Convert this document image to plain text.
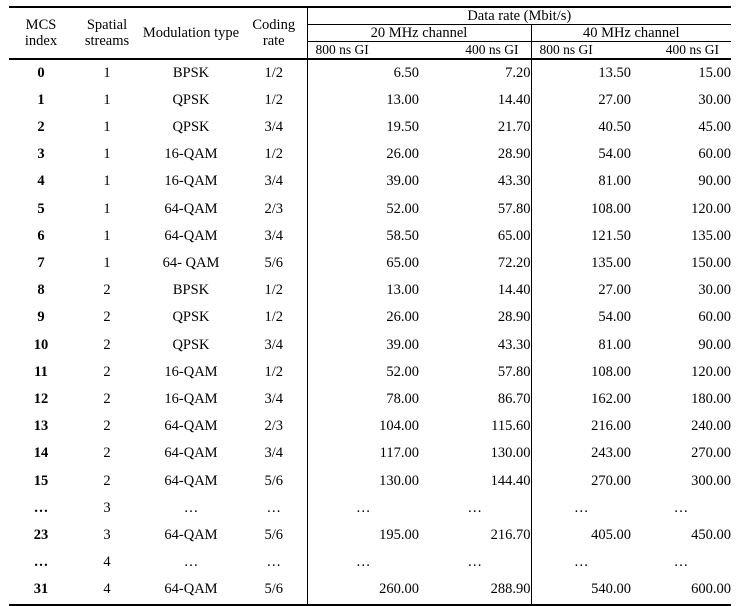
MCS index	Spatial streams	Modulation type	Coding rate	Data rate (Mbit/s)			
				20 MHz channel		40 MHz channel	
				800 ns GI	400 ns GI	800 ns GI	400 ns GI
0	1	BPSK	1/2	6.50	7.20	13.50	15.00
1	1	QPSK	1/2	13.00	14.40	27.00	30.00
2	1	QPSK	3/4	19.50	21.70	40.50	45.00
3	1	16-QAM	1/2	26.00	28.90	54.00	60.00
4	1	16-QAM	3/4	39.00	43.30	81.00	90.00
5	1	64-QAM	2/3	52.00	57.80	108.00	120.00
6	1	64-QAM	3/4	58.50	65.00	121.50	135.00
7	1	64- QAM	5/6	65.00	72.20	135.00	150.00
8	2	BPSK	1/2	13.00	14.40	27.00	30.00
9	2	QPSK	1/2	26.00	28.90	54.00	60.00
10	2	QPSK	3/4	39.00	43.30	81.00	90.00
11	2	16-QAM	1/2	52.00	57.80	108.00	120.00
12	2	16-QAM	3/4	78.00	86.70	162.00	180.00
13	2	64-QAM	2/3	104.00	115.60	216.00	240.00
14	2	64-QAM	3/4	117.00	130.00	243.00	270.00
15	2	64-QAM	5/6	130.00	144.40	270.00	300.00
…	3	…	…	…	…	…	…
23	3	64-QAM	5/6	195.00	216.70	405.00	450.00
…	4	…	…	…	…	…	…
31	4	64-QAM	5/6	260.00	288.90	540.00	600.00
